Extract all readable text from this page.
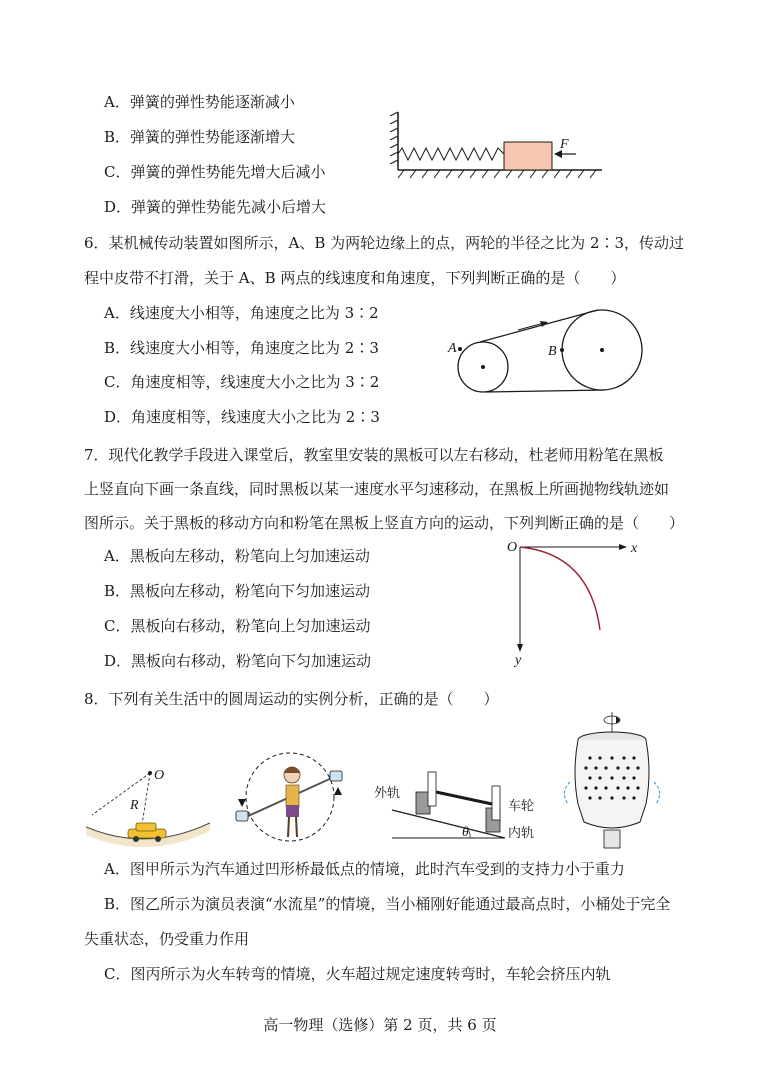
A．弹簧的弹性势能逐渐减小
B．弹簧的弹性势能逐渐增大
C．弹簧的弹性势能先增大后减小
D．弹簧的弹性势能先减小后增大
F
6．某机械传动装置如图所示，A、B 为两轮边缘上的点，两轮的半径之比为 2∶3，传动过
程中皮带不打滑，关于 A、B 两点的线速度和角速度，下列判断正确的是（　　）
A．线速度大小相等，角速度之比为 3∶2
B．线速度大小相等，角速度之比为 2∶3
C．角速度相等，线速度大小之比为 3∶2
D．角速度相等，线速度大小之比为 2∶3
A	B
7．现代化教学手段进入课堂后，教室里安装的黑板可以左右移动，杜老师用粉笔在黑板
上竖直向下画一条直线，同时黑板以某一速度水平匀速移动，在黑板上所画抛物线轨迹如
图所示。关于黑板的移动方向和粉笔在黑板上竖直方向的运动，下列判断正确的是（　　）
A．黑板向左移动，粉笔向上匀加速运动
B．黑板向左移动，粉笔向下匀加速运动
C．黑板向右移动，粉笔向上匀加速运动
D．黑板向右移动，粉笔向下匀加速运动
O	x
y
8．下列有关生活中的圆周运动的实例分析，正确的是（　　）
O
R
外轨
车轮
内轨
θ
A．图甲所示为汽车通过凹形桥最低点的情境，此时汽车受到的支持力小于重力
B．图乙所示为演员表演“水流星”的情境，当小桶刚好能通过最高点时，小桶处于完全
失重状态，仍受重力作用
C．图丙所示为火车转弯的情境，火车超过规定速度转弯时，车轮会挤压内轨
高一物理（选修）第 2 页，共 6 页
